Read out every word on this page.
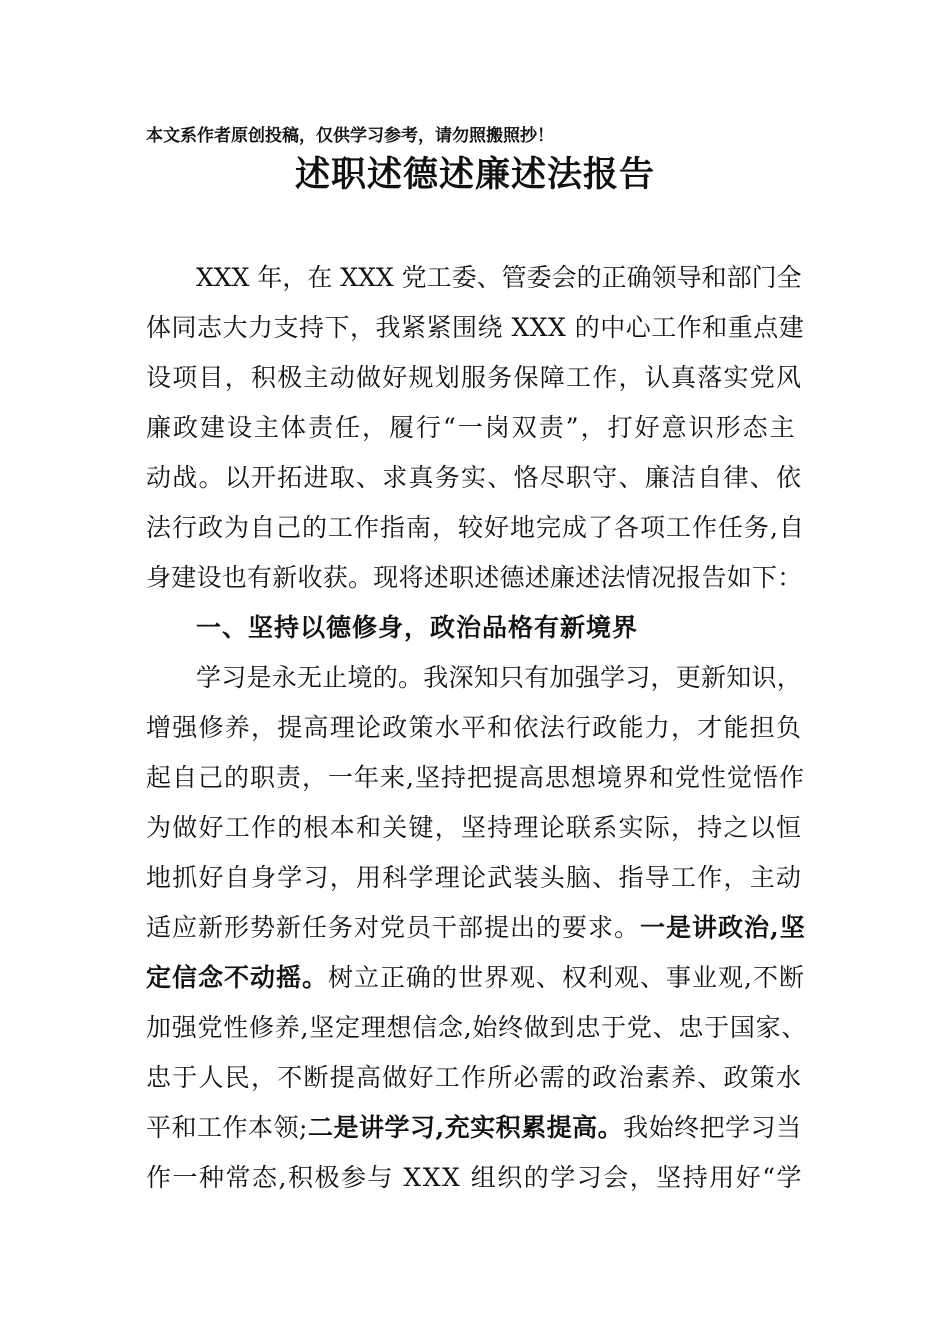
本文系作者原创投稿，仅供学习参考，请勿照搬照抄！
述职述德述廉述法报告
XXX 年，在 XXX 党工委、管委会的正确领导和部门全
体同志大力支持下，我紧紧围绕 XXX 的中心工作和重点建
设项目，积极主动做好规划服务保障工作，认真落实党风
廉政建设主体责任，履行“一岗双责”，打好意识形态主
动战。以开拓进取、求真务实、恪尽职守、廉洁自律、依
法行政为自己的工作指南，较好地完成了各项工作任务,自
身建设也有新收获。现将述职述德述廉述法情况报告如下：
一、坚持以德修身，政治品格有新境界
学习是永无止境的。我深知只有加强学习，更新知识，
增强修养，提高理论政策水平和依法行政能力，才能担负
起自己的职责，一年来,坚持把提高思想境界和党性觉悟作
为做好工作的根本和关键，坚持理论联系实际，持之以恒
地抓好自身学习，用科学理论武装头脑、指导工作，主动
适应新形势新任务对党员干部提出的要求。一是讲政治,坚
定信念不动摇。树立正确的世界观、权利观、事业观,不断
加强党性修养,坚定理想信念,始终做到忠于党、忠于国家、
忠于人民，不断提高做好工作所必需的政治素养、政策水
平和工作本领;二是讲学习,充实积累提高。我始终把学习当
作一种常态,积极参与 XXX 组织的学习会，坚持用好“学
